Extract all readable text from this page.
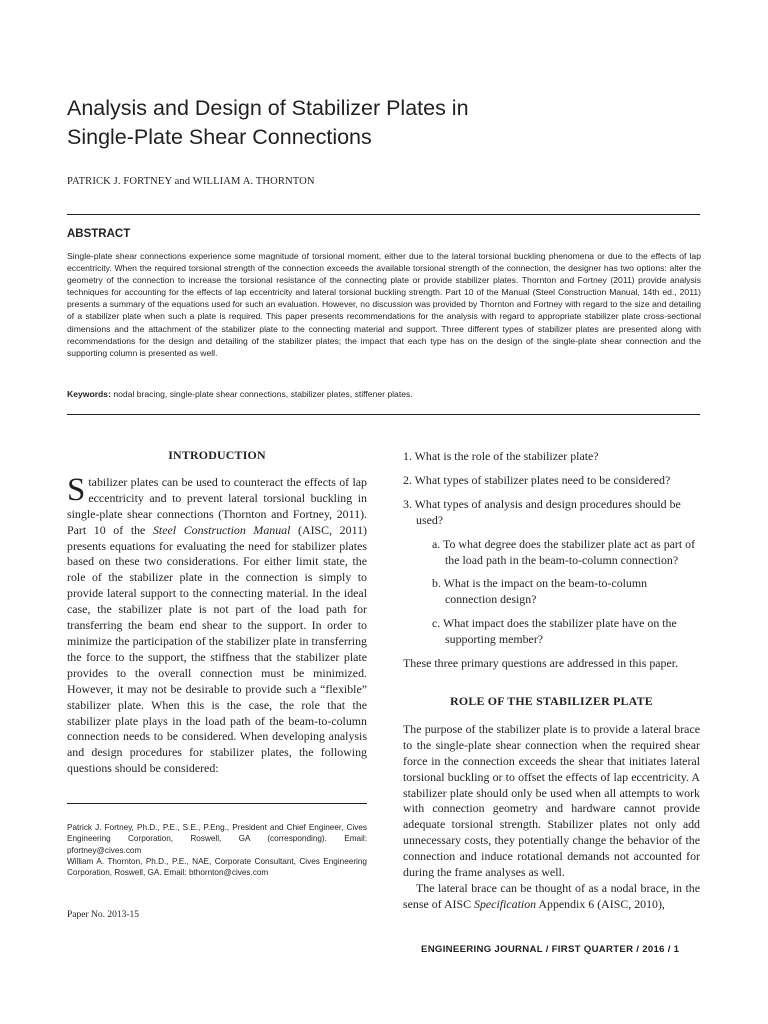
Analysis and Design of Stabilizer Plates in
Single-Plate Shear Connections
PATRICK J. FORTNEY and WILLIAM A. THORNTON
ABSTRACT

Single-plate shear connections experience some magnitude of torsional moment, either due to the lateral torsional buckling phenomena or due to the effects of lap eccentricity. When the required torsional strength of the connection exceeds the available torsional strength of the connection, the designer has two options: alter the geometry of the connection to increase the torsional resistance of the connecting plate or provide stabilizer plates. Thornton and Fortney (2011) provide analysis techniques for accounting for the effects of lap eccentricity and lateral torsional buckling strength. Part 10 of the Manual (Steel Construction Manual, 14th ed., 2011) presents a summary of the equations used for such an evaluation. However, no discussion was provided by Thornton and Fortney with regard to the size and detailing of a stabilizer plate when such a plate is required. This paper presents recommendations for the analysis with regard to appropriate stabilizer plate cross-sectional dimensions and the attachment of the stabilizer plate to the connecting material and support. Three different types of stabilizer plates are presented along with recommendations for the design and detailing of the stabilizer plates; the impact that each type has on the design of the single-plate shear connection and the supporting column is presented as well.

Keywords: nodal bracing, single-plate shear connections, stabilizer plates, stiffener plates.
INTRODUCTION

Stabilizer plates can be used to counteract the effects of lap eccentricity and to prevent lateral torsional buckling in single-plate shear connections (Thornton and Fortney, 2011). Part 10 of the Steel Construction Manual (AISC, 2011) presents equations for evaluating the need for stabilizer plates based on these two considerations. For either limit state, the role of the stabilizer plate in the connection is simply to provide lateral support to the connecting material. In the ideal case, the stabilizer plate is not part of the load path for transferring the beam end shear to the support. In order to minimize the participation of the stabilizer plate in transferring the force to the support, the stiffness that the stabilizer plate provides to the overall connection must be minimized. However, it may not be desirable to provide such a “flexible” stabilizer plate. When this is the case, the role that the stabilizer plate plays in the load path of the beam-to-column connection needs to be considered. When developing analysis and design procedures for stabilizer plates, the following questions should be considered:

Patrick J. Fortney, Ph.D., P.E., S.E., P.Eng., President and Chief Engineer, Cives Engineering Corporation, Roswell, GA (corresponding). Email: pfortney@cives.com

William A. Thornton, Ph.D., P.E., NAE, Corporate Consultant, Cives Engineering Corporation, Roswell, GA. Email: bthornton@cives.com

Paper No. 2013-15

1. What is the role of the stabilizer plate?

2. What types of stabilizer plates need to be considered?

3. What types of analysis and design procedures should be used?

a. To what degree does the stabilizer plate act as part of the load path in the beam-to-column connection?

b. What is the impact on the beam-to-column connection design?

c. What impact does the stabilizer plate have on the supporting member?

These three primary questions are addressed in this paper.

ROLE OF THE STABILIZER PLATE

The purpose of the stabilizer plate is to provide a lateral brace to the single-plate shear connection when the required shear force in the connection exceeds the shear that initiates lateral torsional buckling or to offset the effects of lap eccentricity. A stabilizer plate should only be used when all attempts to work with connection geometry and hardware cannot provide adequate torsional strength. Stabilizer plates not only add unnecessary costs, they potentially change the behavior of the connection and induce rotational demands not accounted for during the frame analyses as well.

The lateral brace can be thought of as a nodal brace, in the sense of AISC Specification Appendix 6 (AISC, 2010),

ENGINEERING JOURNAL / FIRST QUARTER / 2016 / 1
